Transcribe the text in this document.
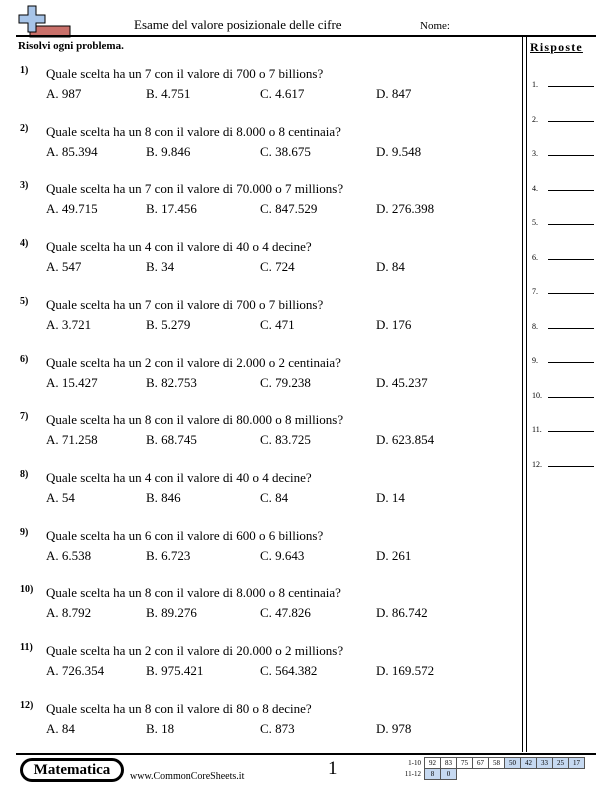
Esame del valore posizionale delle cifre	Nome:
Risolvi ogni problema.	Risposte
1.
2.
3.
4.
5.
6.
7.
8.
9.
10.
11.
12.
1) Quale scelta ha un 7 con il valore di 700 o 7 billions?
A. 987	B. 4.751	C. 4.617	D. 847
2) Quale scelta ha un 8 con il valore di 8.000 o 8 centinaia?
A. 85.394	B. 9.846	C. 38.675	D. 9.548
3) Quale scelta ha un 7 con il valore di 70.000 o 7 millions?
A. 49.715	B. 17.456	C. 847.529	D. 276.398
4) Quale scelta ha un 4 con il valore di 40 o 4 decine?
A. 547	B. 34	C. 724	D. 84
5) Quale scelta ha un 7 con il valore di 700 o 7 billions?
A. 3.721	B. 5.279	C. 471	D. 176
6) Quale scelta ha un 2 con il valore di 2.000 o 2 centinaia?
A. 15.427	B. 82.753	C. 79.238	D. 45.237
7) Quale scelta ha un 8 con il valore di 80.000 o 8 millions?
A. 71.258	B. 68.745	C. 83.725	D. 623.854
8) Quale scelta ha un 4 con il valore di 40 o 4 decine?
A. 54	B. 846	C. 84	D. 14
9) Quale scelta ha un 6 con il valore di 600 o 6 billions?
A. 6.538	B. 6.723	C. 9.643	D. 261
10) Quale scelta ha un 8 con il valore di 8.000 o 8 centinaia?
A. 8.792	B. 89.276	C. 47.826	D. 86.742
11) Quale scelta ha un 2 con il valore di 20.000 o 2 millions?
A. 726.354	B. 975.421	C. 564.382	D. 169.572
12) Quale scelta ha un 8 con il valore di 80 o 8 decine?
A. 84	B. 18	C. 873	D. 978
Matematica	www.CommonCoreSheets.it	1	1-10	92	83	75	67	58	50	42	33	25	17
11-12	8	0								
